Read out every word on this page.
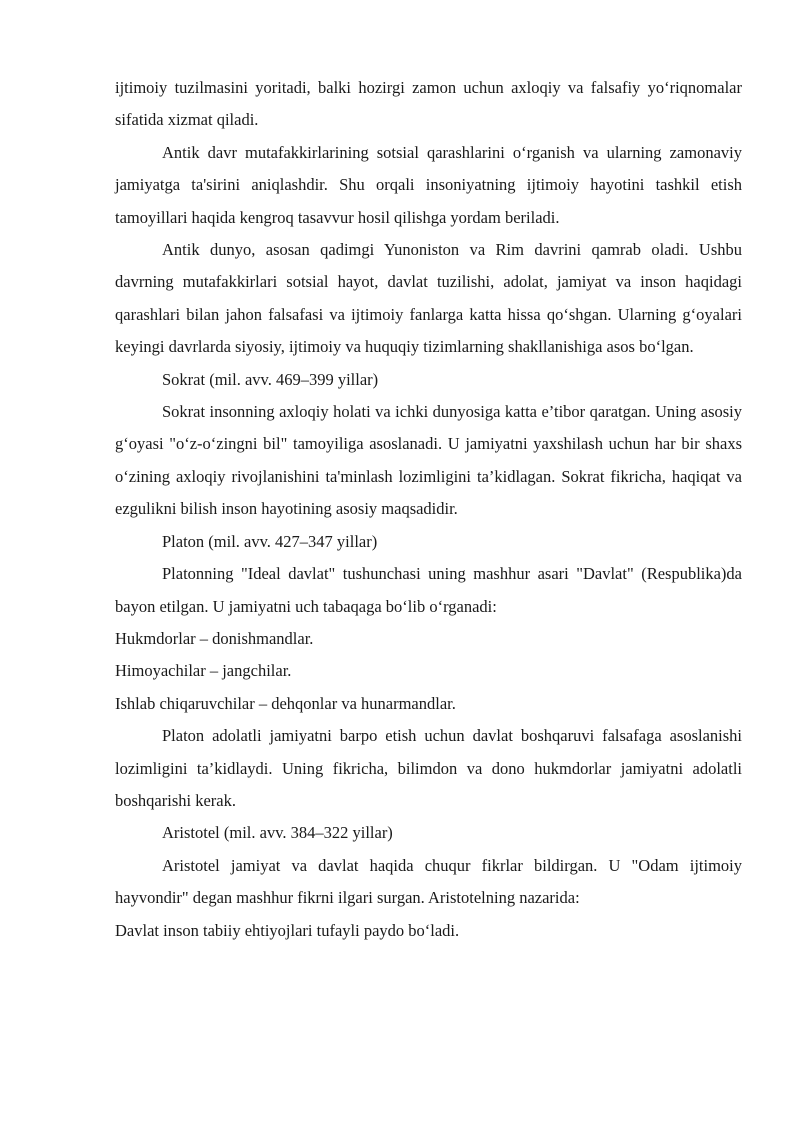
ijtimoiy tuzilmasini yoritadi, balki hozirgi zamon uchun axloqiy va falsafiy yo‘riqnomalar sifatida xizmat qiladi.

Antik davr mutafakkirlarining sotsial qarashlarini o‘rganish va ularning zamonaviy jamiyatga ta'sirini aniqlashdir. Shu orqali insoniyatning ijtimoiy hayotini tashkil etish tamoyillari haqida kengroq tasavvur hosil qilishga yordam beriladi.

Antik dunyo, asosan qadimgi Yunoniston va Rim davrini qamrab oladi. Ushbu davrning mutafakkirlari sotsial hayot, davlat tuzilishi, adolat, jamiyat va inson haqidagi qarashlari bilan jahon falsafasi va ijtimoiy fanlarga katta hissa qo‘shgan. Ularning g‘oyalari keyingi davrlarda siyosiy, ijtimoiy va huquqiy tizimlarning shakllanishiga asos bo‘lgan.

Sokrat (mil. avv. 469–399 yillar)

Sokrat insonning axloqiy holati va ichki dunyosiga katta e’tibor qaratgan. Uning asosiy g‘oyasi "o‘z-o‘zingni bil" tamoyiliga asoslanadi. U jamiyatni yaxshilash uchun har bir shaxs o‘zining axloqiy rivojlanishini ta'minlash lozimligini ta’kidlagan. Sokrat fikricha, haqiqat va ezgulikni bilish inson hayotining asosiy maqsadidir.

Platon (mil. avv. 427–347 yillar)

Platonning "Ideal davlat" tushunchasi uning mashhur asari "Davlat" (Respublika)da bayon etilgan. U jamiyatni uch tabaqaga bo‘lib o‘rganadi:

Hukmdorlar – donishmandlar.

Himoyachilar – jangchilar.

Ishlab chiqaruvchilar – dehqonlar va hunarmandlar.

Platon adolatli jamiyatni barpo etish uchun davlat boshqaruvi falsafaga asoslanishi lozimligini ta’kidlaydi. Uning fikricha, bilimdon va dono hukmdorlar jamiyatni adolatli boshqarishi kerak.

Aristotel (mil. avv. 384–322 yillar)

Aristotel jamiyat va davlat haqida chuqur fikrlar bildirgan. U "Odam ijtimoiy hayvondir" degan mashhur fikrni ilgari surgan. Aristotelning nazarida:

Davlat inson tabiiy ehtiyojlari tufayli paydo bo‘ladi.
